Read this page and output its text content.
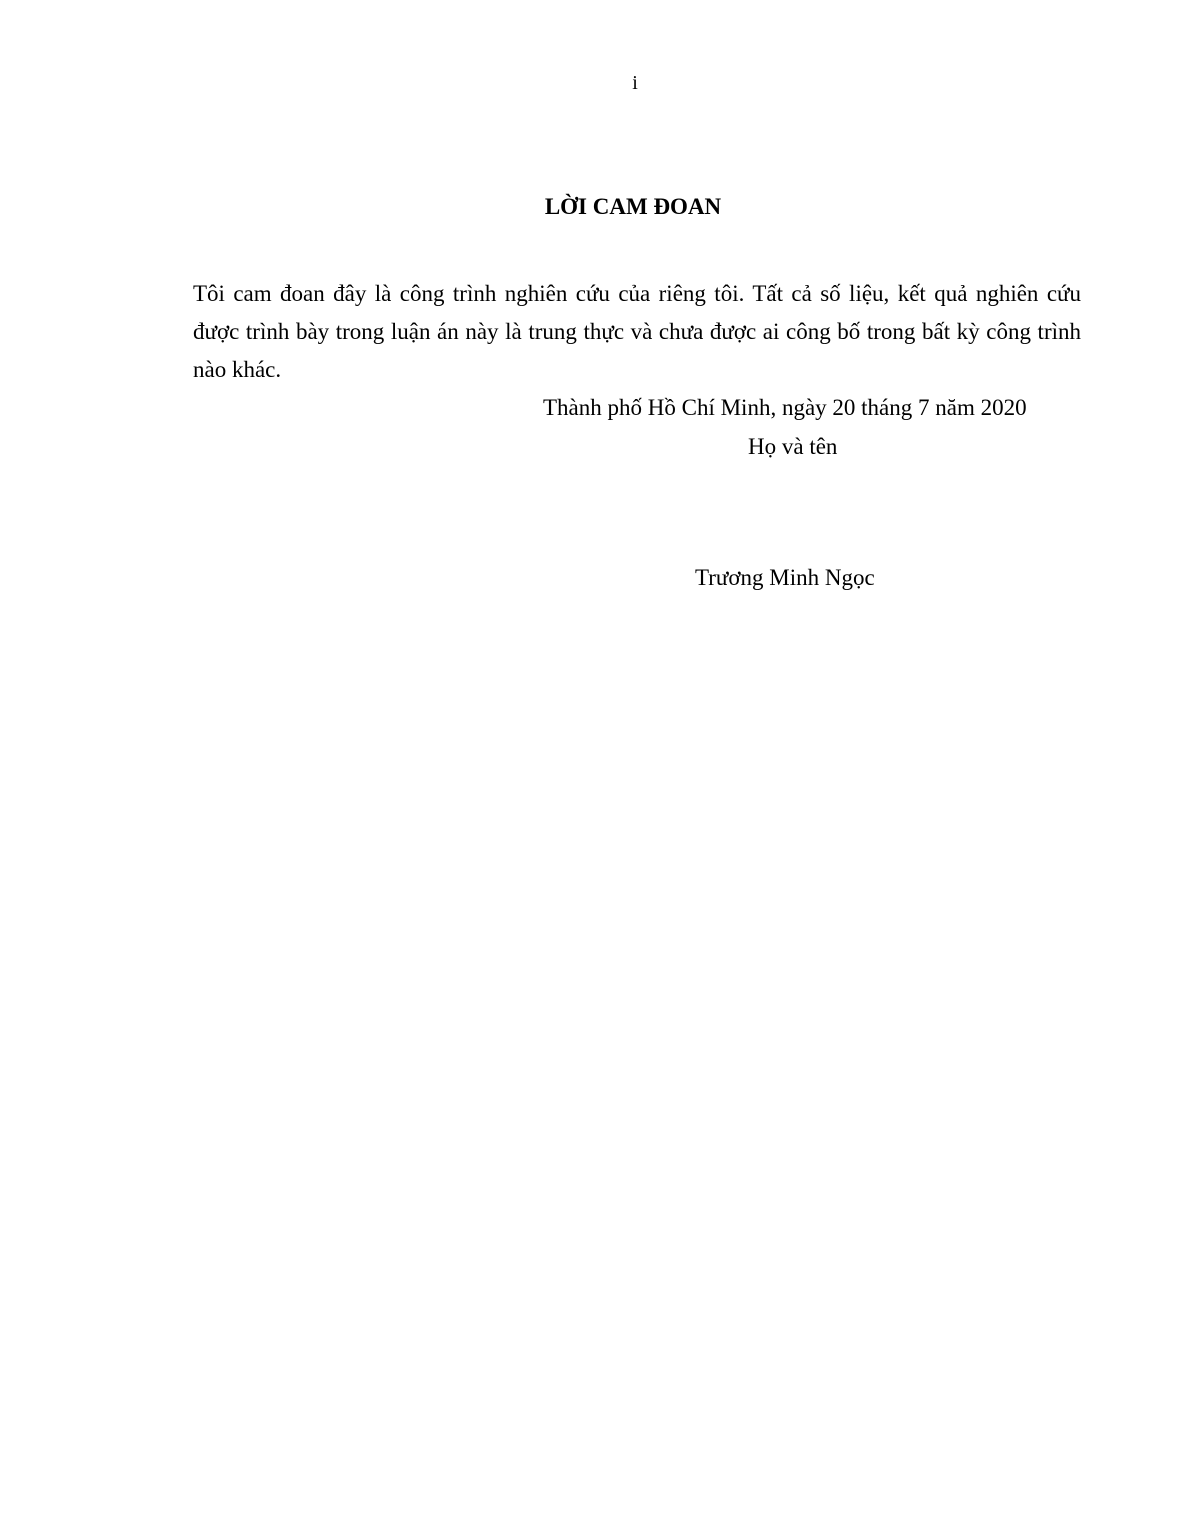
i
LỜI CAM ĐOAN

Tôi cam đoan đây là công trình nghiên cứu của riêng tôi. Tất cả số liệu, kết quả nghiên cứu được trình bày trong luận án này là trung thực và chưa được ai công bố trong bất kỳ công trình nào khác.

Thành phố Hồ Chí Minh, ngày 20 tháng 7 năm 2020
Họ và tên
Trương Minh Ngọc
